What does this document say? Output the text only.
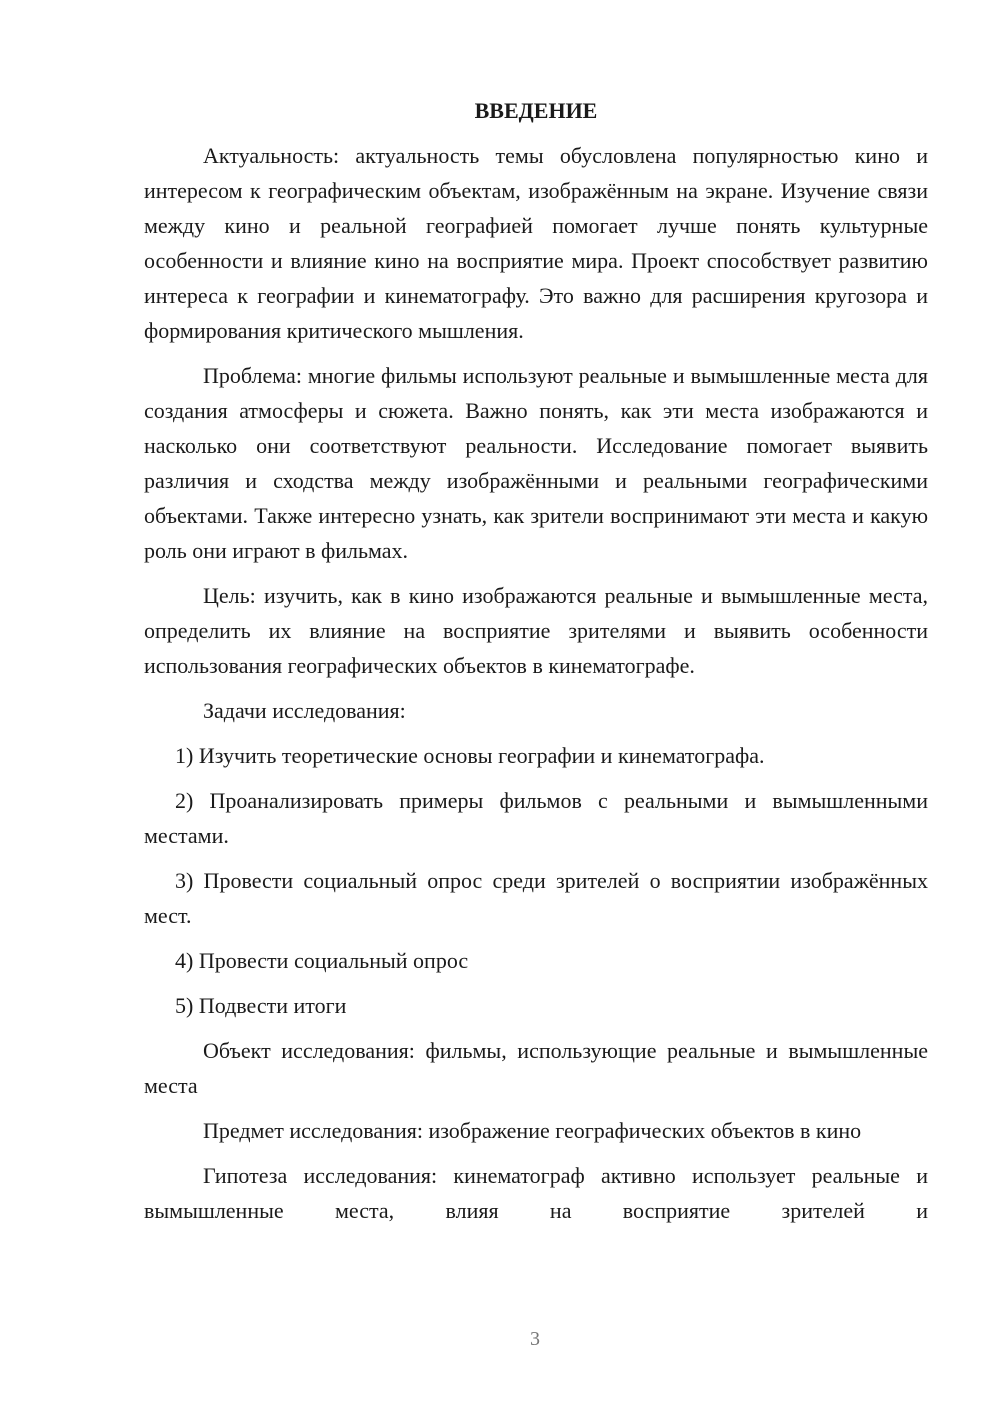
ВВЕДЕНИЕ

Актуальность: актуальность темы обусловлена популярностью кино и интересом к географическим объектам, изображённым на экране. Изучение связи между кино и реальной географией помогает лучше понять культурные особенности и влияние кино на восприятие мира. Проект способствует развитию интереса к географии и кинематографу. Это важно для расширения кругозора и формирования критического мышления.

Проблема: многие фильмы используют реальные и вымышленные места для создания атмосферы и сюжета. Важно понять, как эти места изображаются и насколько они соответствуют реальности. Исследование помогает выявить различия и сходства между изображёнными и реальными географическими объектами. Также интересно узнать, как зрители воспринимают эти места и какую роль они играют в фильмах.

Цель: изучить, как в кино изображаются реальные и вымышленные места, определить их влияние на восприятие зрителями и выявить особенности использования географических объектов в кинематографе.

Задачи исследования:

1) Изучить теоретические основы географии и кинематографа.

2) Проанализировать примеры фильмов с реальными и вымышленными местами.

3) Провести социальный опрос среди зрителей о восприятии изображённых мест.

4) Провести социальный опрос

5) Подвести итоги

Объект исследования: фильмы, использующие реальные и вымышленные места

Предмет исследования: изображение географических объектов в кино

Гипотеза исследования: кинематограф активно использует реальные и вымышленные места, влияя на восприятие зрителей и

3
